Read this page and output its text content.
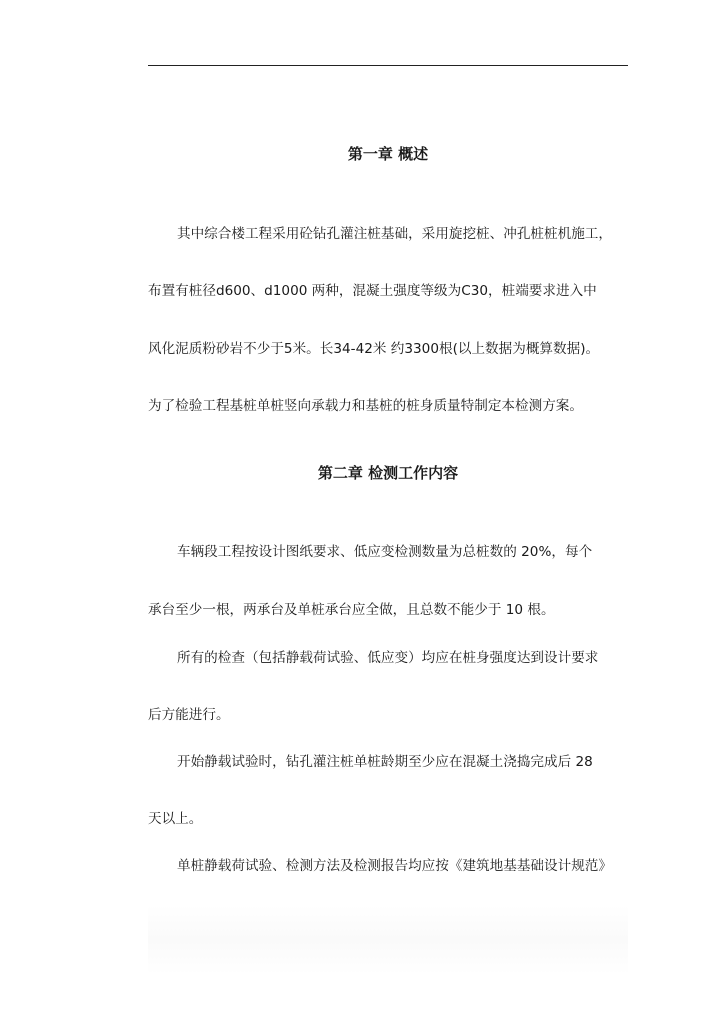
第一章 概述
其中综合楼工程采用砼钻孔灌注桩基础，采用旋挖桩、冲孔桩桩机施工，
布置有桩径d600、d1000 两种，混凝土强度等级为C30，桩端要求进入中
风化泥质粉砂岩不少于5米。长34-42米 约3300根(以上数据为概算数据)。
为了检验工程基桩单桩竖向承载力和基桩的桩身质量特制定本检测方案。
第二章 检测工作内容
车辆段工程按设计图纸要求、低应变检测数量为总桩数的 20%，每个
承台至少一根，两承台及单桩承台应全做，且总数不能少于 10 根。
所有的检查（包括静载荷试验、低应变）均应在桩身强度达到设计要求
后方能进行。
开始静载试验时，钻孔灌注桩单桩龄期至少应在混凝土浇捣完成后 28
天以上。
单桩静载荷试验、检测方法及检测报告均应按《建筑地基基础设计规范》
